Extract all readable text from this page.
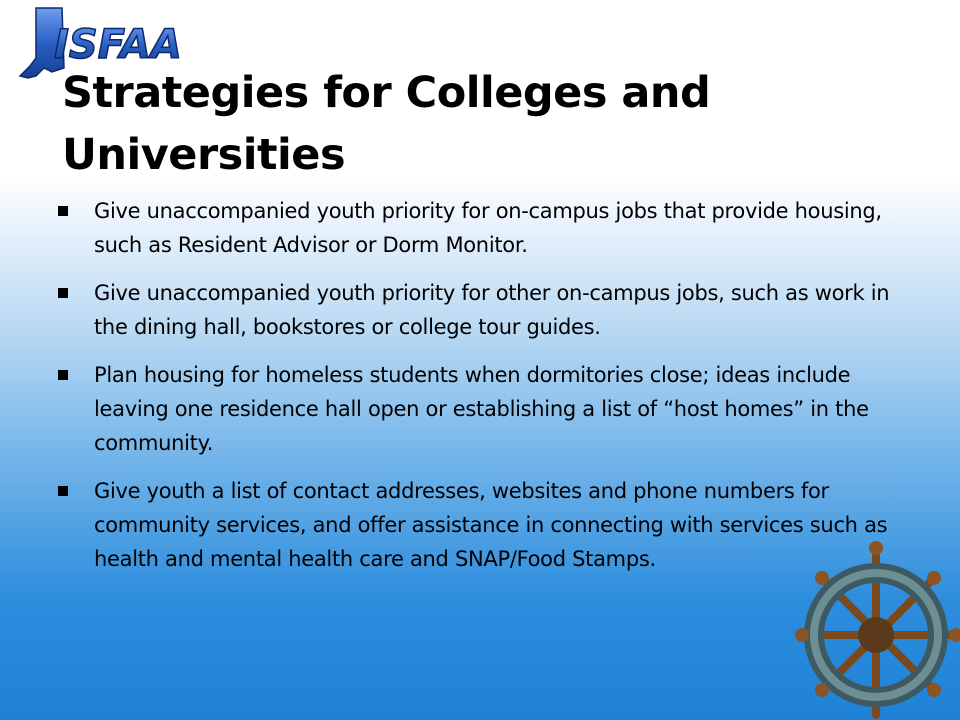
ISFAA
Strategies for Colleges and Universities
Give unaccompanied youth priority for on-campus jobs that provide housing, such as Resident Advisor or Dorm Monitor.
Give unaccompanied youth priority for other on-campus jobs, such as work in the dining hall, bookstores or college tour guides.
Plan housing for homeless students when dormitories close; ideas include leaving one residence hall open or establishing a list of “host homes” in the community.
Give youth a list of contact addresses, websites and phone numbers for community services, and offer assistance in connecting with services such as health and mental health care and SNAP/Food Stamps.
